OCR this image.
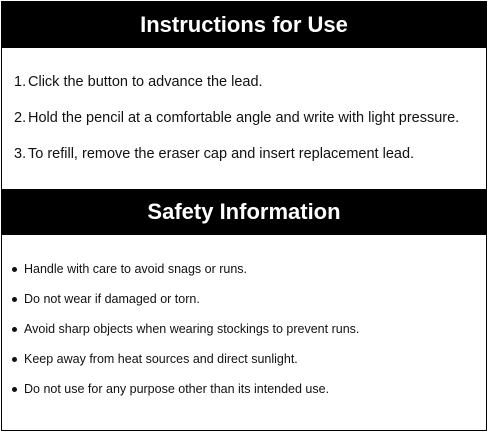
Instructions for Use
1. Click the button to advance the lead.
2. Hold the pencil at a comfortable angle and write with light pressure.
3. To refill, remove the eraser cap and insert replacement lead.
Safety Information
Handle with care to avoid snags or runs.
Do not wear if damaged or torn.
Avoid sharp objects when wearing stockings to prevent runs.
Keep away from heat sources and direct sunlight.
Do not use for any purpose other than its intended use.
